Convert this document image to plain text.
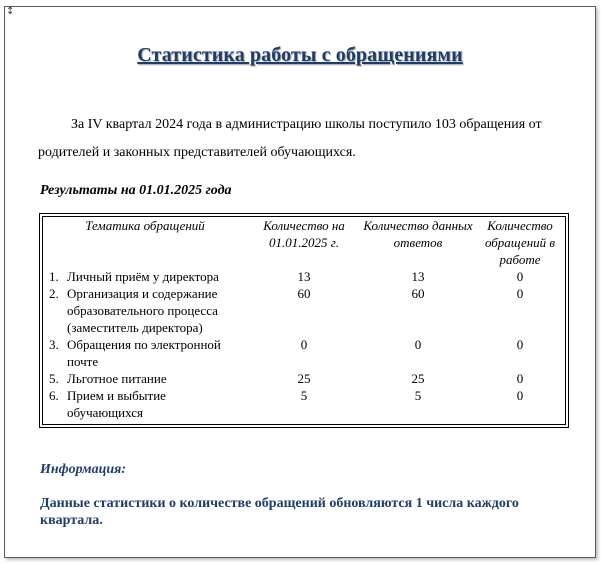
↕
Статистика работы с обращениями
За IV квартал 2024 года в администрацию школы поступило 103 обращения от
родителей и законных представителей обучающихся.
Результаты на 01.01.2025 года
Тематика обращений	Количество на 01.01.2025 г.	Количество данных ответов	Количество обращений в работе

1. Личный приём у директора	13	13	0

2. Организация и содержание образовательного процесса (заместитель директора)	60	60	0

3. Обращения по электронной почте	0	0	0

5. Льготное питание	25	25	0

6. Прием и выбытие обучающихся	5	5	0
Информация:
Данные статистики о количестве обращений обновляются 1 числа каждого квартала.
